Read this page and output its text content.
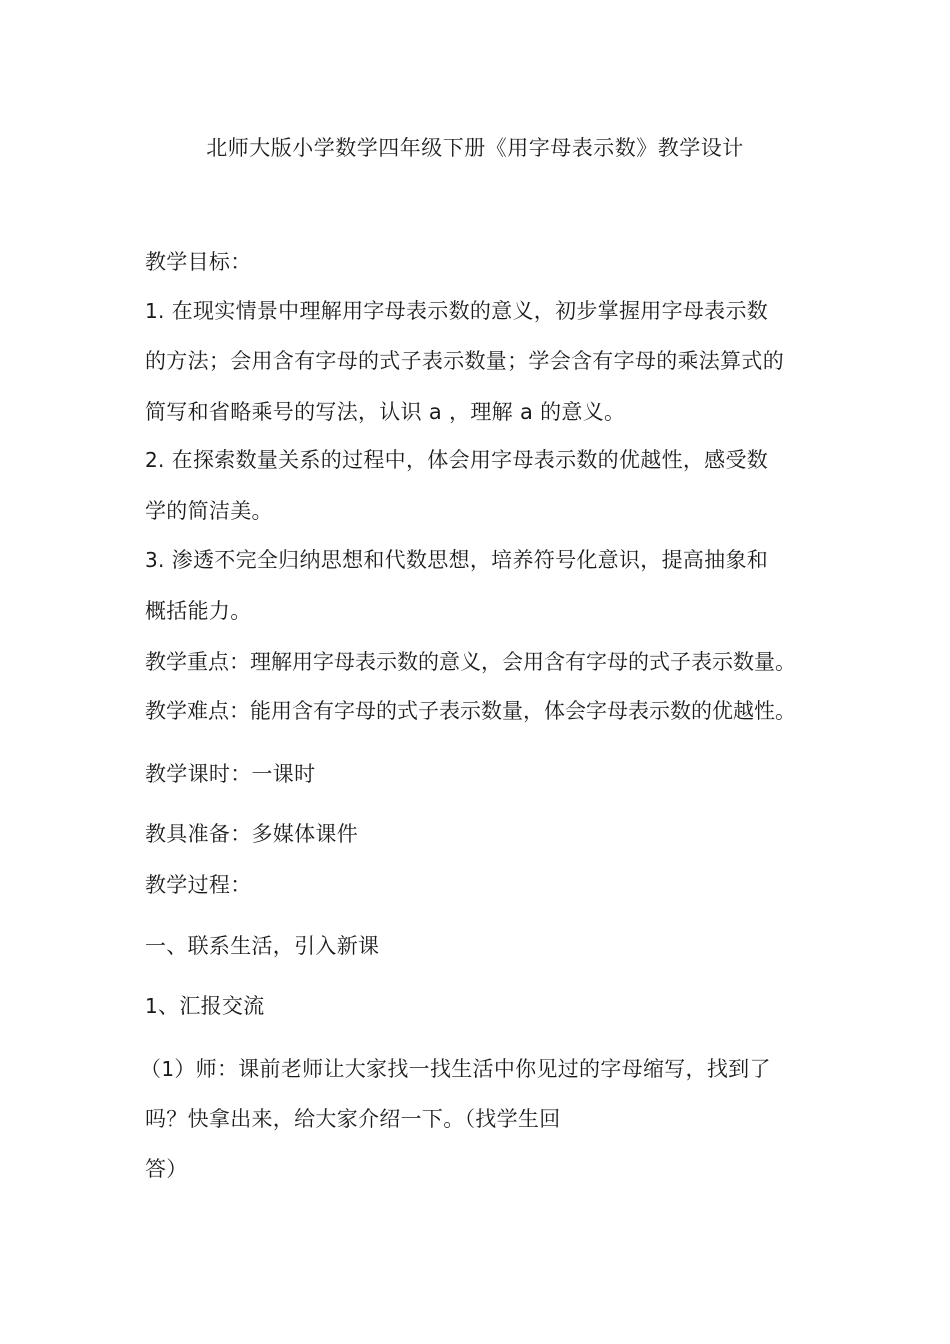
北师大版小学数学四年级下册《用字母表示数》教学设计
教学目标：
1. 在现实情景中理解用字母表示数的意义，初步掌握用字母表示数
的方法；会用含有字母的式子表示数量；学会含有字母的乘法算式的
简写和省略乘号的写法，认识 a ，理解 a 的意义。
2. 在探索数量关系的过程中，体会用字母表示数的优越性，感受数
学的简洁美。
3. 渗透不完全归纳思想和代数思想，培养符号化意识，提高抽象和
概括能力。
教学重点：理解用字母表示数的意义，会用含有字母的式子表示数量。
教学难点：能用含有字母的式子表示数量，体会字母表示数的优越性。
教学课时：一课时
教具准备：多媒体课件
教学过程：
一、联系生活，引入新课
1、汇报交流
（1）师：课前老师让大家找一找生活中你见过的字母缩写，找到了
吗？快拿出来，给大家介绍一下。（找学生回
答）
